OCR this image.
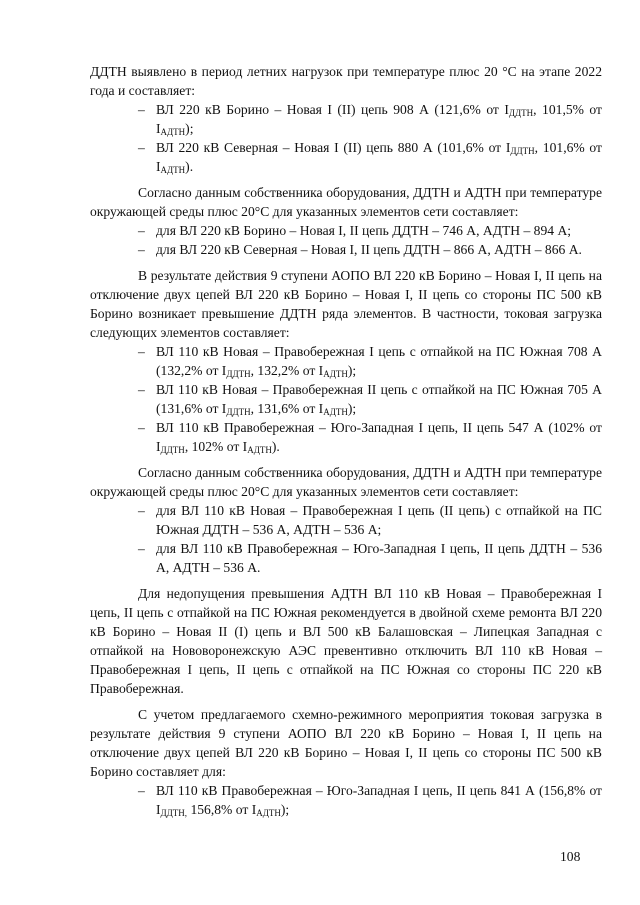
ДДТН выявлено в период летних нагрузок при температуре плюс 20 °С на этапе 2022 года и составляет:

– ВЛ 220 кВ Борино – Новая I (II) цепь 908 А (121,6% от $I_{ДДТН}$, 101,5% от $I_{АДТН}$);
– ВЛ 220 кВ Северная – Новая I (II) цепь 880 А (101,6% от $I_{ДДТН}$, 101,6% от $I_{АДТН}$).

Согласно данным собственника оборудования, ДДТН и АДТН при температуре окружающей среды плюс 20°С для указанных элементов сети составляет:

– для ВЛ 220 кВ Борино – Новая I, II цепь ДДТН – 746 А, АДТН – 894 А;
– для ВЛ 220 кВ Северная – Новая I, II цепь ДДТН – 866 А, АДТН – 866 А.

В результате действия 9 ступени АОПО ВЛ 220 кВ Борино – Новая I, II цепь на отключение двух цепей ВЛ 220 кВ Борино – Новая I, II цепь со стороны ПС 500 кВ Борино возникает превышение ДДТН ряда элементов. В частности, токовая загрузка следующих элементов составляет:

– ВЛ 110 кВ Новая – Правобережная I цепь с отпайкой на ПС Южная 708 А (132,2% от $I_{ДДТН}$, 132,2% от $I_{АДТН}$);
– ВЛ 110 кВ Новая – Правобережная II цепь с отпайкой на ПС Южная 705 А (131,6% от $I_{ДДТН}$, 131,6% от $I_{АДТН}$);
– ВЛ 110 кВ Правобережная – Юго-Западная I цепь, II цепь 547 А (102% от $I_{ДДТН}$, 102% от $I_{АДТН}$).

Согласно данным собственника оборудования, ДДТН и АДТН при температуре окружающей среды плюс 20°С для указанных элементов сети составляет:

– для ВЛ 110 кВ Новая – Правобережная I цепь (II цепь) с отпайкой на ПС Южная ДДТН – 536 А, АДТН – 536 А;
– для ВЛ 110 кВ Правобережная – Юго-Западная I цепь, II цепь ДДТН – 536 А, АДТН – 536 А.

Для недопущения превышения АДТН ВЛ 110 кВ Новая – Правобережная I цепь, II цепь с отпайкой на ПС Южная рекомендуется в двойной схеме ремонта ВЛ 220 кВ Борино – Новая II (I) цепь и ВЛ 500 кВ Балашовская – Липецкая Западная с отпайкой на Нововоронежскую АЭС превентивно отключить ВЛ 110 кВ Новая – Правобережная I цепь, II цепь с отпайкой на ПС Южная со стороны ПС 220 кВ Правобережная.

С учетом предлагаемого схемно-режимного мероприятия токовая загрузка в результате действия 9 ступени АОПО ВЛ 220 кВ Борино – Новая I, II цепь на отключение двух цепей ВЛ 220 кВ Борино – Новая I, II цепь со стороны ПС 500 кВ Борино составляет для:

– ВЛ 110 кВ Правобережная – Юго-Западная I цепь, II цепь 841 А (156,8% от $I_{ДДТН,}$ 156,8% от $I_{АДТН}$);
108
